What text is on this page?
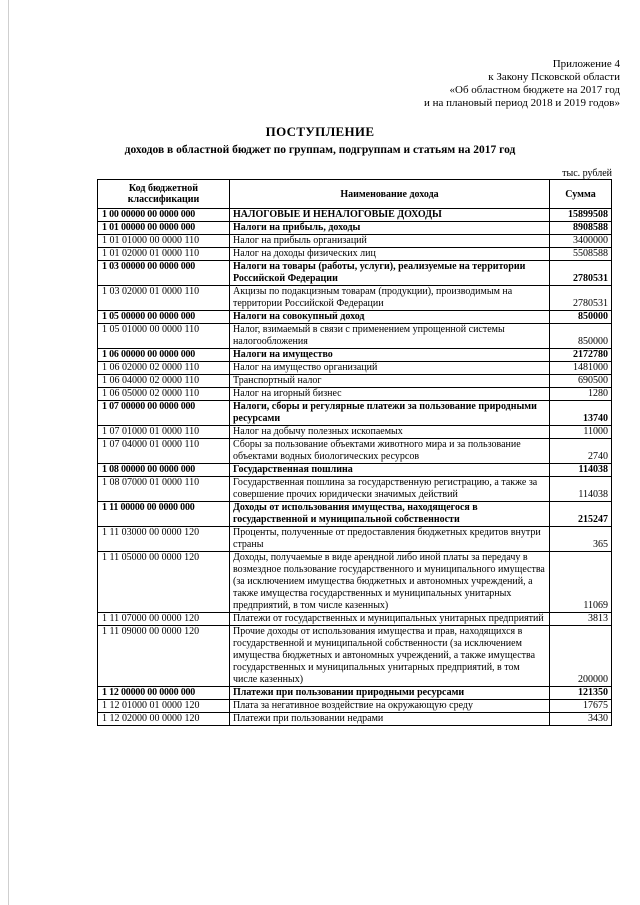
Приложение 4
к Закону Псковской области
«Об областном бюджете на 2017 год
и на плановый период 2018 и 2019 годов»
ПОСТУПЛЕНИЕ
доходов в областной бюджет по группам, подгруппам и статьям на 2017 год
тыс. рублей
Код бюджетной классификации	Наименование дохода	Сумма
1 00 00000 00 0000 000	НАЛОГОВЫЕ И НЕНАЛОГОВЫЕ ДОХОДЫ	15899508
1 01 00000 00 0000 000	Налоги на прибыль, доходы	8908588
1 01 01000 00 0000 110	Налог на прибыль организаций	3400000
1 01 02000 01 0000 110	Налог на доходы физических лиц	5508588
1 03 00000 00 0000 000	Налоги на товары (работы, услуги), реализуемые на территории Российской Федерации	2780531
1 03 02000 01 0000 110	Акцизы по подакцизным товарам (продукции), производимым на территории Российской Федерации	2780531
1 05 00000 00 0000 000	Налоги на совокупный доход	850000
1 05 01000 00 0000 110	Налог, взимаемый в связи с применением упрощенной системы налогообложения	850000
1 06 00000 00 0000 000	Налоги на имущество	2172780
1 06 02000 02 0000 110	Налог на имущество организаций	1481000
1 06 04000 02 0000 110	Транспортный налог	690500
1 06 05000 02 0000 110	Налог на игорный бизнес	1280
1 07 00000 00 0000 000	Налоги, сборы и регулярные платежи за пользование природными ресурсами	13740
1 07 01000 01 0000 110	Налог на добычу полезных ископаемых	11000
1 07 04000 01 0000 110	Сборы за пользование объектами животного мира и за пользование объектами водных биологических ресурсов	2740
1 08 00000 00 0000 000	Государственная пошлина	114038
1 08 07000 01 0000 110	Государственная пошлина за государственную регистрацию, а также за совершение прочих юридически значимых действий	114038
1 11 00000 00 0000 000	Доходы от использования имущества, находящегося в государственной и муниципальной собственности	215247
1 11 03000 00 0000 120	Проценты, полученные от предоставления бюджетных кредитов внутри страны	365
1 11 05000 00 0000 120	Доходы, получаемые в виде арендной либо иной платы за передачу в возмездное пользование государственного и муниципального имущества (за исключением имущества бюджетных и автономных учреждений, а также имущества государственных и муниципальных унитарных предприятий, в том числе казенных)	11069
1 11 07000 00 0000 120	Платежи от государственных и муниципальных унитарных предприятий	3813
1 11 09000 00 0000 120	Прочие доходы от использования имущества и прав, находящихся в государственной и муниципальной собственности (за исключением имущества бюджетных и автономных учреждений, а также имущества государственных и муниципальных унитарных предприятий, в том числе казенных)	200000
1 12 00000 00 0000 000	Платежи при пользовании природными ресурсами	121350
1 12 01000 01 0000 120	Плата за негативное воздействие на окружающую среду	17675
1 12 02000 00 0000 120	Платежи при пользовании недрами	3430
